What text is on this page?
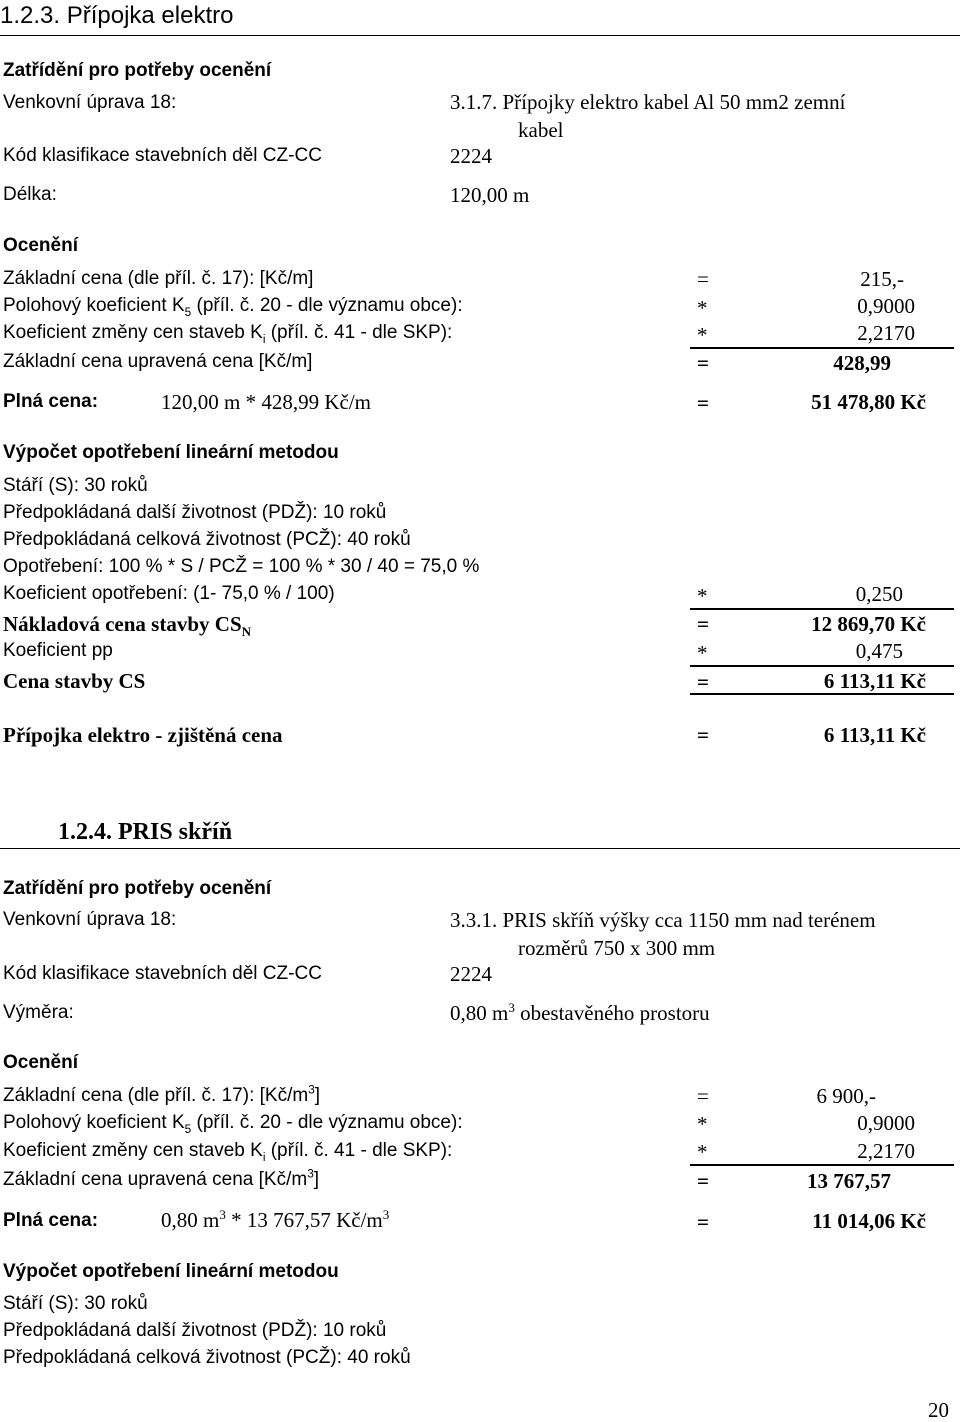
1.2.3. Přípojka elektro
Zatřídění pro potřeby ocenění
Venkovní úprava 18:	3.1.7. Přípojky elektro kabel Al 50 mm2 zemní
kabel
Kód klasifikace stavebních děl CZ-CC	2224
Délka:	120,00 m
Ocenění
Základní cena (dle příl. č. 17): [Kč/m]	=	215,-
Polohový koeficient $K_5$ (příl. č. 20 - dle významu obce):	*	0,9000
Koeficient změny cen staveb $K_i$ (příl. č. 41 - dle SKP):	*	2,2170
Základní cena upravená cena [Kč/m]	=	428,99
Plná cena:	120,00 m * 428,99 Kč/m	=	51 478,80 Kč
Výpočet opotřebení lineární metodou
Stáří (S): 30 roků
Předpokládaná další životnost (PDŽ): 10 roků
Předpokládaná celková životnost (PCŽ): 40 roků
Opotřebení: 100 % * S / PCŽ = 100 % * 30 / 40 = 75,0 %
Koeficient opotřebení: (1- 75,0 % / 100)	*	0,250
Nákladová cena stavby $CS_N$	=	12 869,70 Kč
Koeficient pp	*	0,475
Cena stavby CS	=	6 113,11 Kč
Přípojka elektro - zjištěná cena	=	6 113,11 Kč
1.2.4. PRIS skříň
Zatřídění pro potřeby ocenění
Venkovní úprava 18:	3.3.1. PRIS skříň výšky cca 1150 mm nad terénem
rozměrů 750 x 300 mm
Kód klasifikace stavebních děl CZ-CC	2224
Výměra:	0,80 $m^3$ obestavěného prostoru
Ocenění
Základní cena (dle příl. č. 17): $[Kč/m^3]$	=	6 900,-
Polohový koeficient $K_5$ (příl. č. 20 - dle významu obce):	*	0,9000
Koeficient změny cen staveb $K_i$ (příl. č. 41 - dle SKP):	*	2,2170
Základní cena upravená cena $[Kč/m^3]$	=	13 767,57
Plná cena:	0,80 $m^3 * 13$ 767,57 $Kč/m^3$	=	11 014,06 Kč
Výpočet opotřebení lineární metodou
Stáří (S): 30 roků
Předpokládaná další životnost (PDŽ): 10 roků
Předpokládaná celková životnost (PCŽ): 40 roků
20
